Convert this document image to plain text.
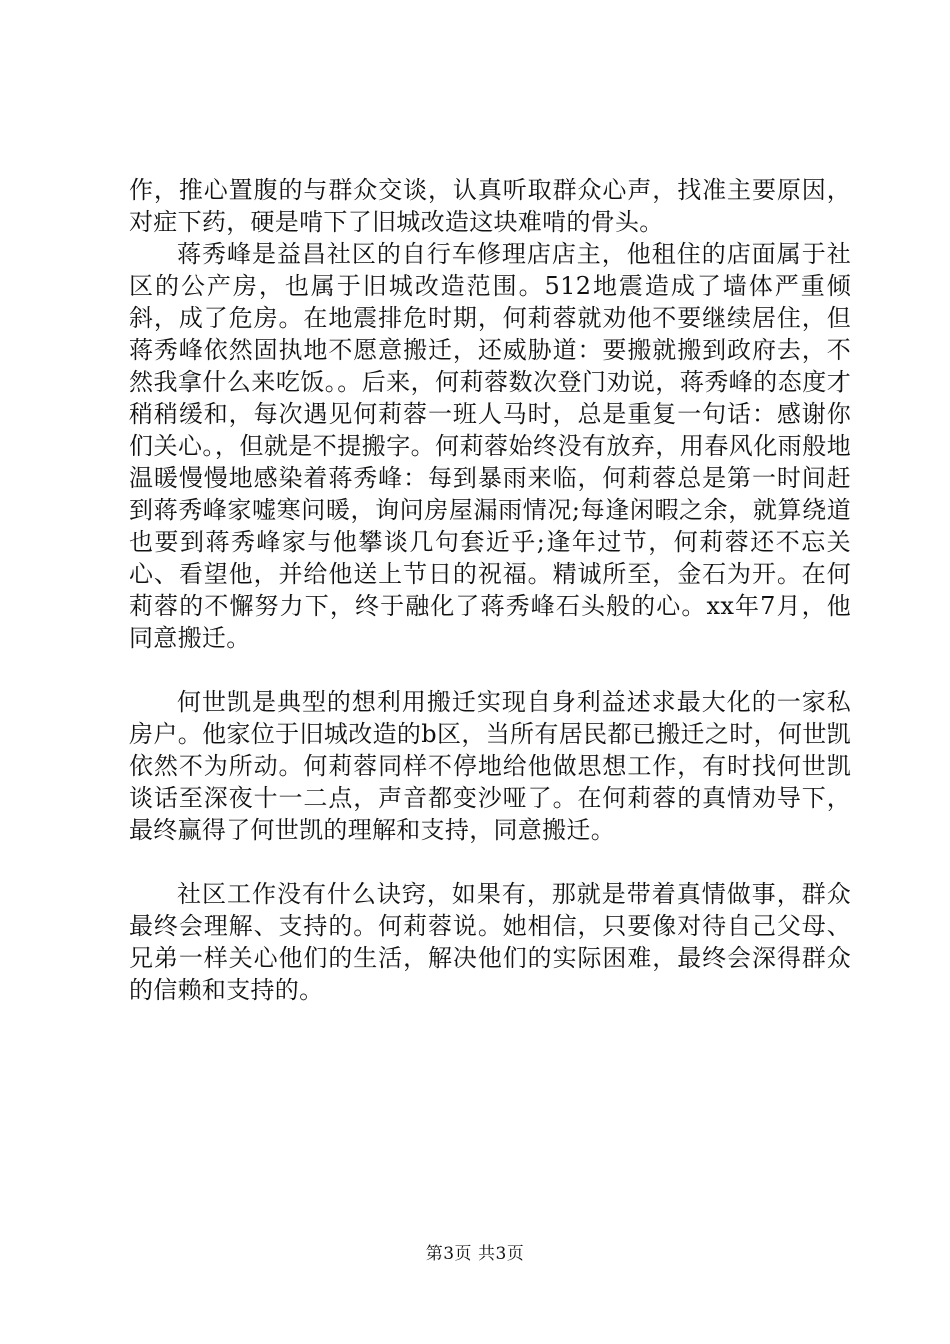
作，推心置腹的与群众交谈，认真听取群众心声，找准主要原因，对症下药，硬是啃下了旧城改造这块难啃的骨头。

蒋秀峰是益昌社区的自行车修理店店主，他租住的店面属于社区的公产房，也属于旧城改造范围。512地震造成了墙体严重倾斜，成了危房。在地震排危时期，何莉蓉就劝他不要继续居住，但蒋秀峰依然固执地不愿意搬迁，还威胁道：要搬就搬到政府去，不然我拿什么来吃饭。。后来，何莉蓉数次登门劝说，蒋秀峰的态度才稍稍缓和，每次遇见何莉蓉一班人马时，总是重复一句话：感谢你们关心。，但就是不提搬字。何莉蓉始终没有放弃，用春风化雨般地温暖慢慢地感染着蒋秀峰：每到暴雨来临，何莉蓉总是第一时间赶到蒋秀峰家嘘寒问暖，询问房屋漏雨情况;每逢闲暇之余，就算绕道也要到蒋秀峰家与他攀谈几句套近乎;逢年过节，何莉蓉还不忘关心、看望他，并给他送上节日的祝福。精诚所至，金石为开。在何莉蓉的不懈努力下，终于融化了蒋秀峰石头般的心。xx年7月，他同意搬迁。

何世凯是典型的想利用搬迁实现自身利益述求最大化的一家私房户。他家位于旧城改造的b区，当所有居民都已搬迁之时，何世凯依然不为所动。何莉蓉同样不停地给他做思想工作，有时找何世凯谈话至深夜十一二点，声音都变沙哑了。在何莉蓉的真情劝导下，最终赢得了何世凯的理解和支持，同意搬迁。

社区工作没有什么诀窍，如果有，那就是带着真情做事，群众最终会理解、支持的。何莉蓉说。她相信，只要像对待自己父母、兄弟一样关心他们的生活，解决他们的实际困难，最终会深得群众的信赖和支持的。

第3页 共3页
